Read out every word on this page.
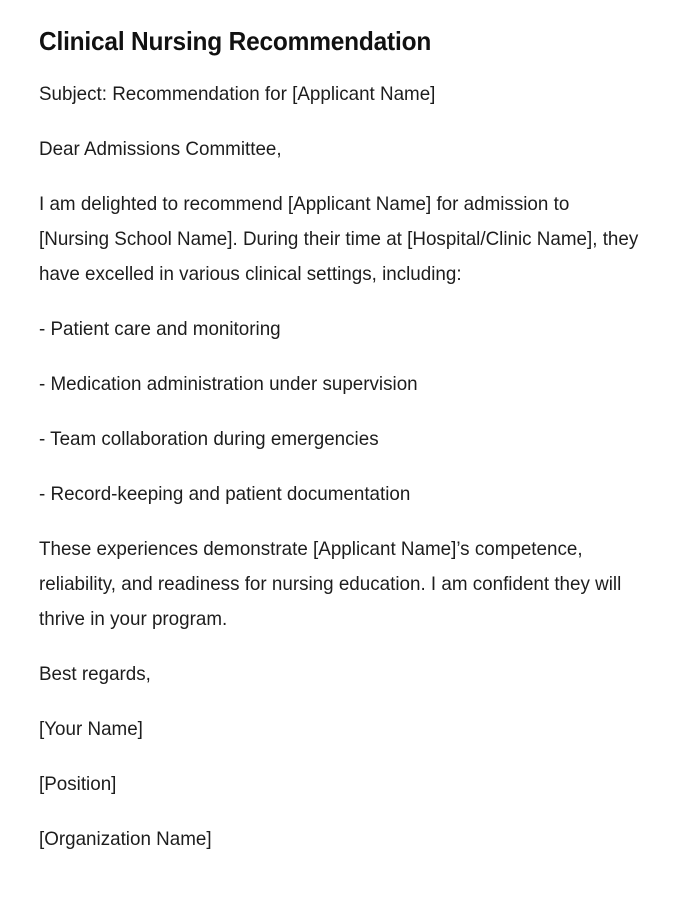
Clinical Nursing Recommendation

Subject: Recommendation for [Applicant Name]

Dear Admissions Committee,

I am delighted to recommend [Applicant Name] for admission to [Nursing School Name]. During their time at [Hospital/Clinic Name], they have excelled in various clinical settings, including:

- Patient care and monitoring

- Medication administration under supervision

- Team collaboration during emergencies

- Record-keeping and patient documentation

These experiences demonstrate [Applicant Name]’s competence, reliability, and readiness for nursing education. I am confident they will thrive in your program.

Best regards,

[Your Name]

[Position]

[Organization Name]
